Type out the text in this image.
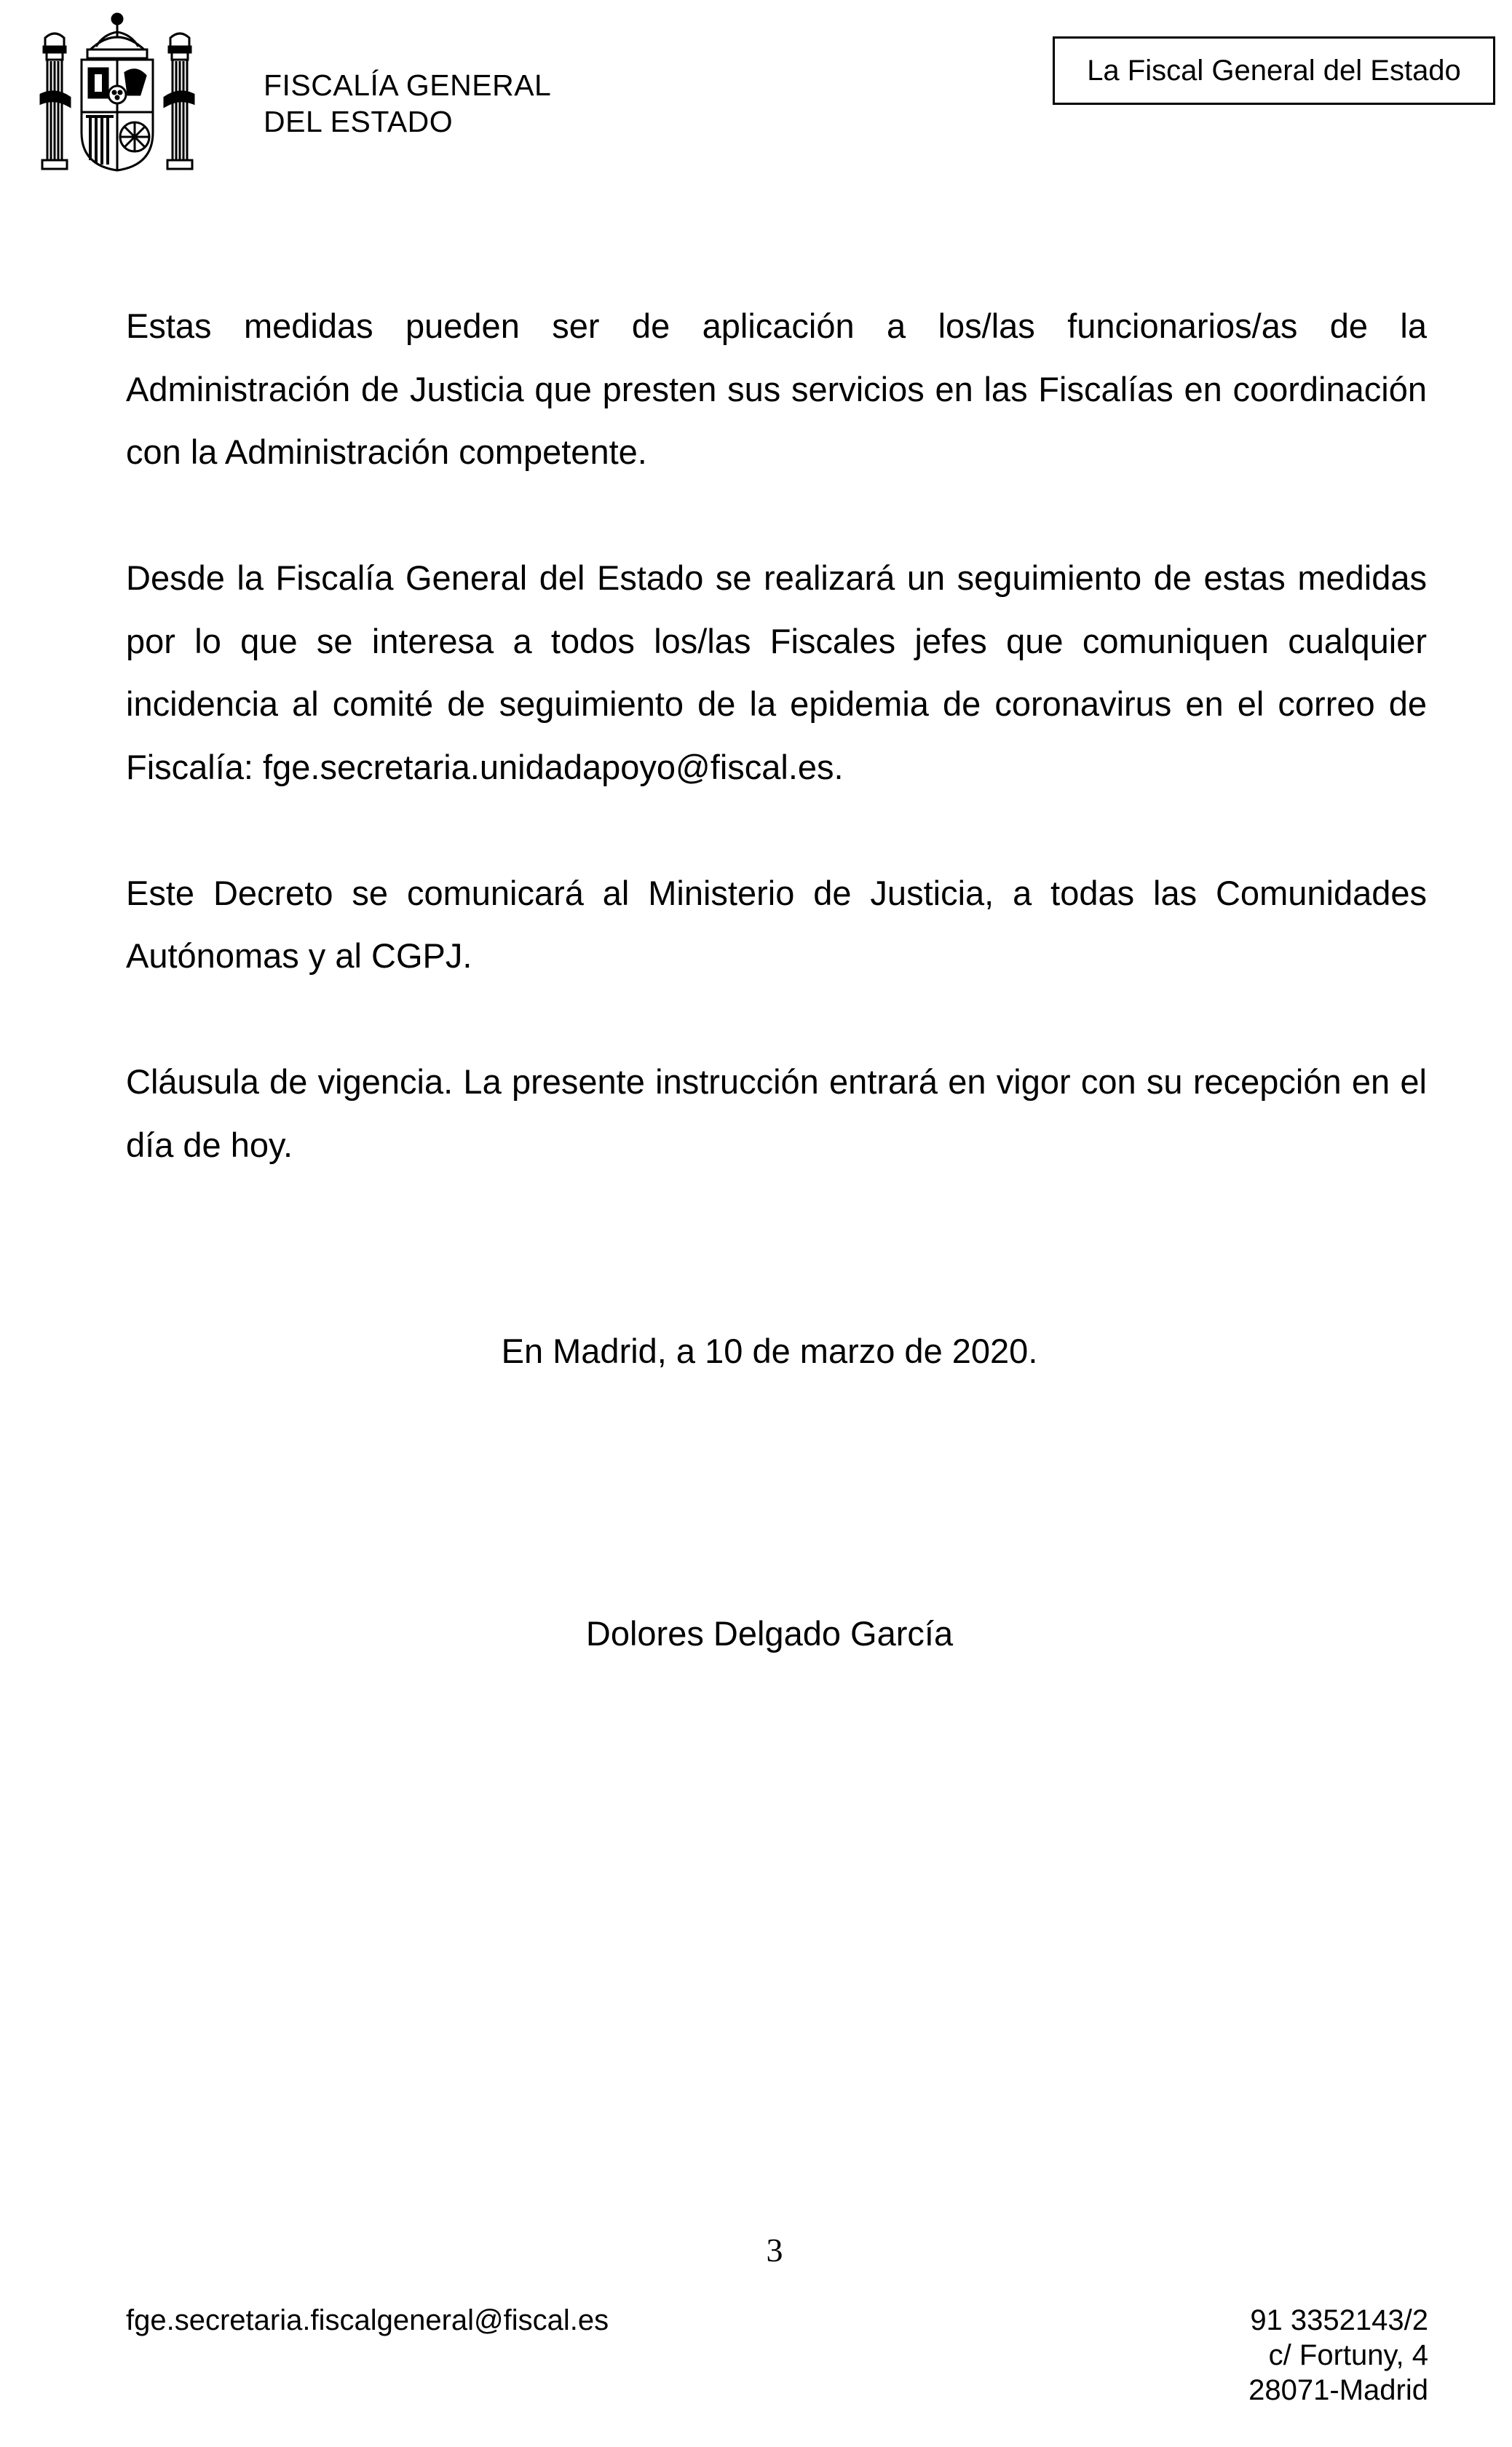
FISCALÍA GENERAL
DEL ESTADO
La Fiscal General del Estado

Estas medidas pueden ser de aplicación a los/las funcionarios/as de la Administración de Justicia que presten sus servicios en las Fiscalías en coordinación con la Administración competente.

Desde la Fiscalía General del Estado se realizará un seguimiento de estas medidas por lo que se interesa a todos los/las Fiscales jefes que comuniquen cualquier incidencia al comité de seguimiento de la epidemia de coronavirus en el correo de Fiscalía: fge.secretaria.unidadapoyo@fiscal.es.

Este Decreto se comunicará al Ministerio de Justicia, a todas las Comunidades Autónomas y al CGPJ.

Cláusula de vigencia. La presente instrucción entrará en vigor con su recepción en el día de hoy.

En Madrid, a 10 de marzo de 2020.
Dolores Delgado García
3
fge.secretaria.fiscalgeneral@fiscal.es	91 3352143/2
c/ Fortuny, 4
28071-Madrid
